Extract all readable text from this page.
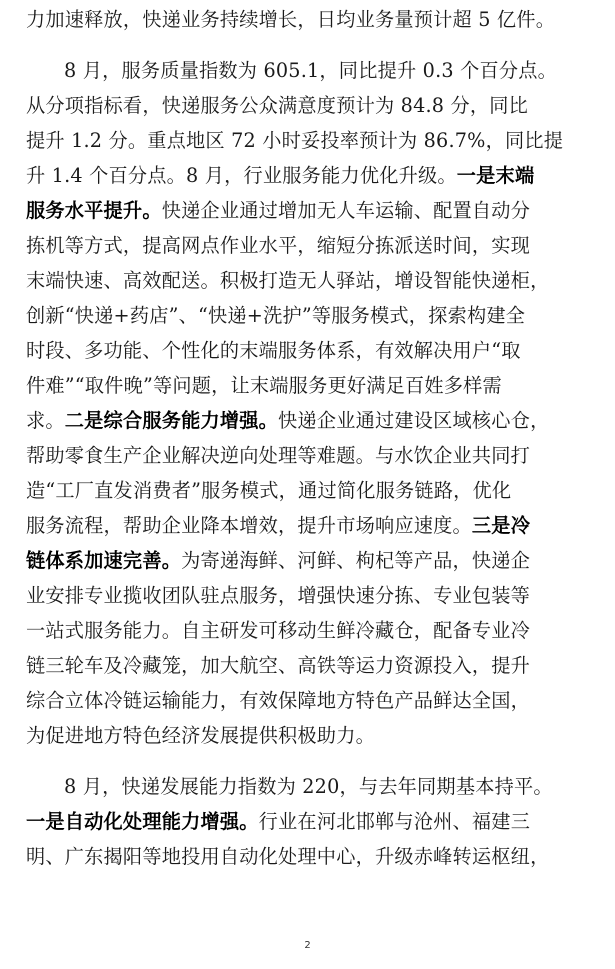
力加速释放，快递业务持续增长，日均业务量预计超 5 亿件。
8 月，服务质量指数为 605.1，同比提升 0.3 个百分点。
从分项指标看，快递服务公众满意度预计为 84.8 分，同比
提升 1.2 分。重点地区 72 小时妥投率预计为 86.7%，同比提
升 1.4 个百分点。8 月，行业服务能力优化升级。一是末端
服务水平提升。快递企业通过增加无人车运输、配置自动分
拣机等方式，提高网点作业水平，缩短分拣派送时间，实现
末端快速、高效配送。积极打造无人驿站，增设智能快递柜，
创新“快递+药店”、“快递+洗护”等服务模式，探索构建全
时段、多功能、个性化的末端服务体系，有效解决用户“取
件难”“取件晚”等问题，让末端服务更好满足百姓多样需
求。二是综合服务能力增强。快递企业通过建设区域核心仓，
帮助零食生产企业解决逆向处理等难题。与水饮企业共同打
造“工厂直发消费者”服务模式，通过简化服务链路，优化
服务流程，帮助企业降本增效，提升市场响应速度。三是冷
链体系加速完善。为寄递海鲜、河鲜、枸杞等产品，快递企
业安排专业揽收团队驻点服务，增强快速分拣、专业包装等
一站式服务能力。自主研发可移动生鲜冷藏仓，配备专业冷
链三轮车及冷藏笼，加大航空、高铁等运力资源投入，提升
综合立体冷链运输能力，有效保障地方特色产品鲜达全国，
为促进地方特色经济发展提供积极助力。
8 月，快递发展能力指数为 220，与去年同期基本持平。
一是自动化处理能力增强。行业在河北邯郸与沧州、福建三
明、广东揭阳等地投用自动化处理中心，升级赤峰转运枢纽，
2
